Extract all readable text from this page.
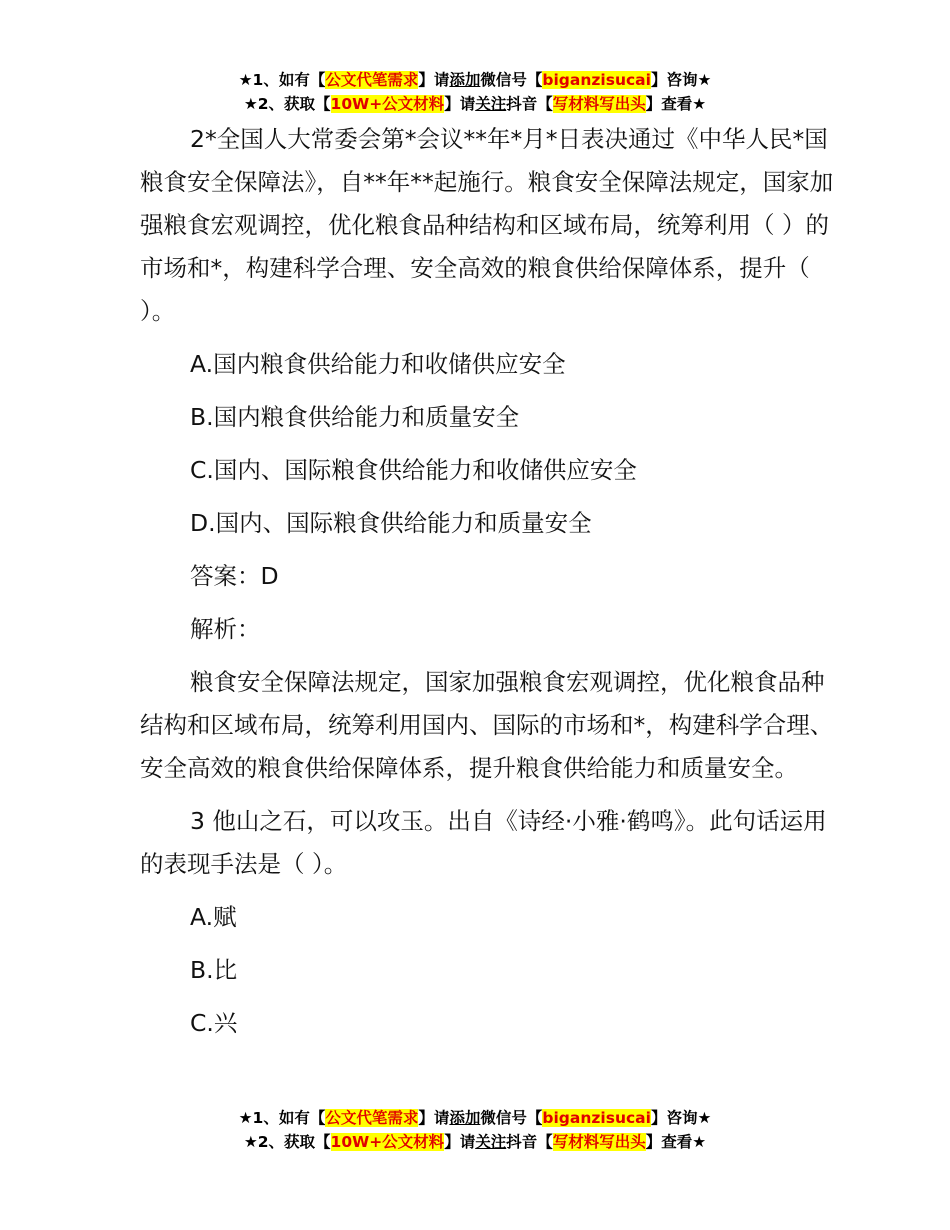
★1、如有【公文代笔需求】请添加微信号【biganzisucai】咨询★
★2、获取【10W+公文材料】请关注抖音【写材料写出头】查看★

2*全国人大常委会第*会议**年*月*日表决通过《中华人民*国粮食安全保障法》，自**年**起施行。粮食安全保障法规定，国家加强粮食宏观调控，优化粮食品种结构和区域布局，统筹利用（ ）的市场和*，构建科学合理、安全高效的粮食供给保障体系，提升（ ）。

A.国内粮食供给能力和收储供应安全

B.国内粮食供给能力和质量安全

C.国内、国际粮食供给能力和收储供应安全

D.国内、国际粮食供给能力和质量安全

答案：D

解析：

粮食安全保障法规定，国家加强粮食宏观调控，优化粮食品种结构和区域布局，统筹利用国内、国际的市场和*，构建科学合理、安全高效的粮食供给保障体系，提升粮食供给能力和质量安全。

3 他山之石，可以攻玉。出自《诗经·小雅·鹤鸣》。此句话运用的表现手法是（ ）。

A.赋

B.比

C.兴

★1、如有【公文代笔需求】请添加微信号【biganzisucai】咨询★
★2、获取【10W+公文材料】请关注抖音【写材料写出头】查看★
